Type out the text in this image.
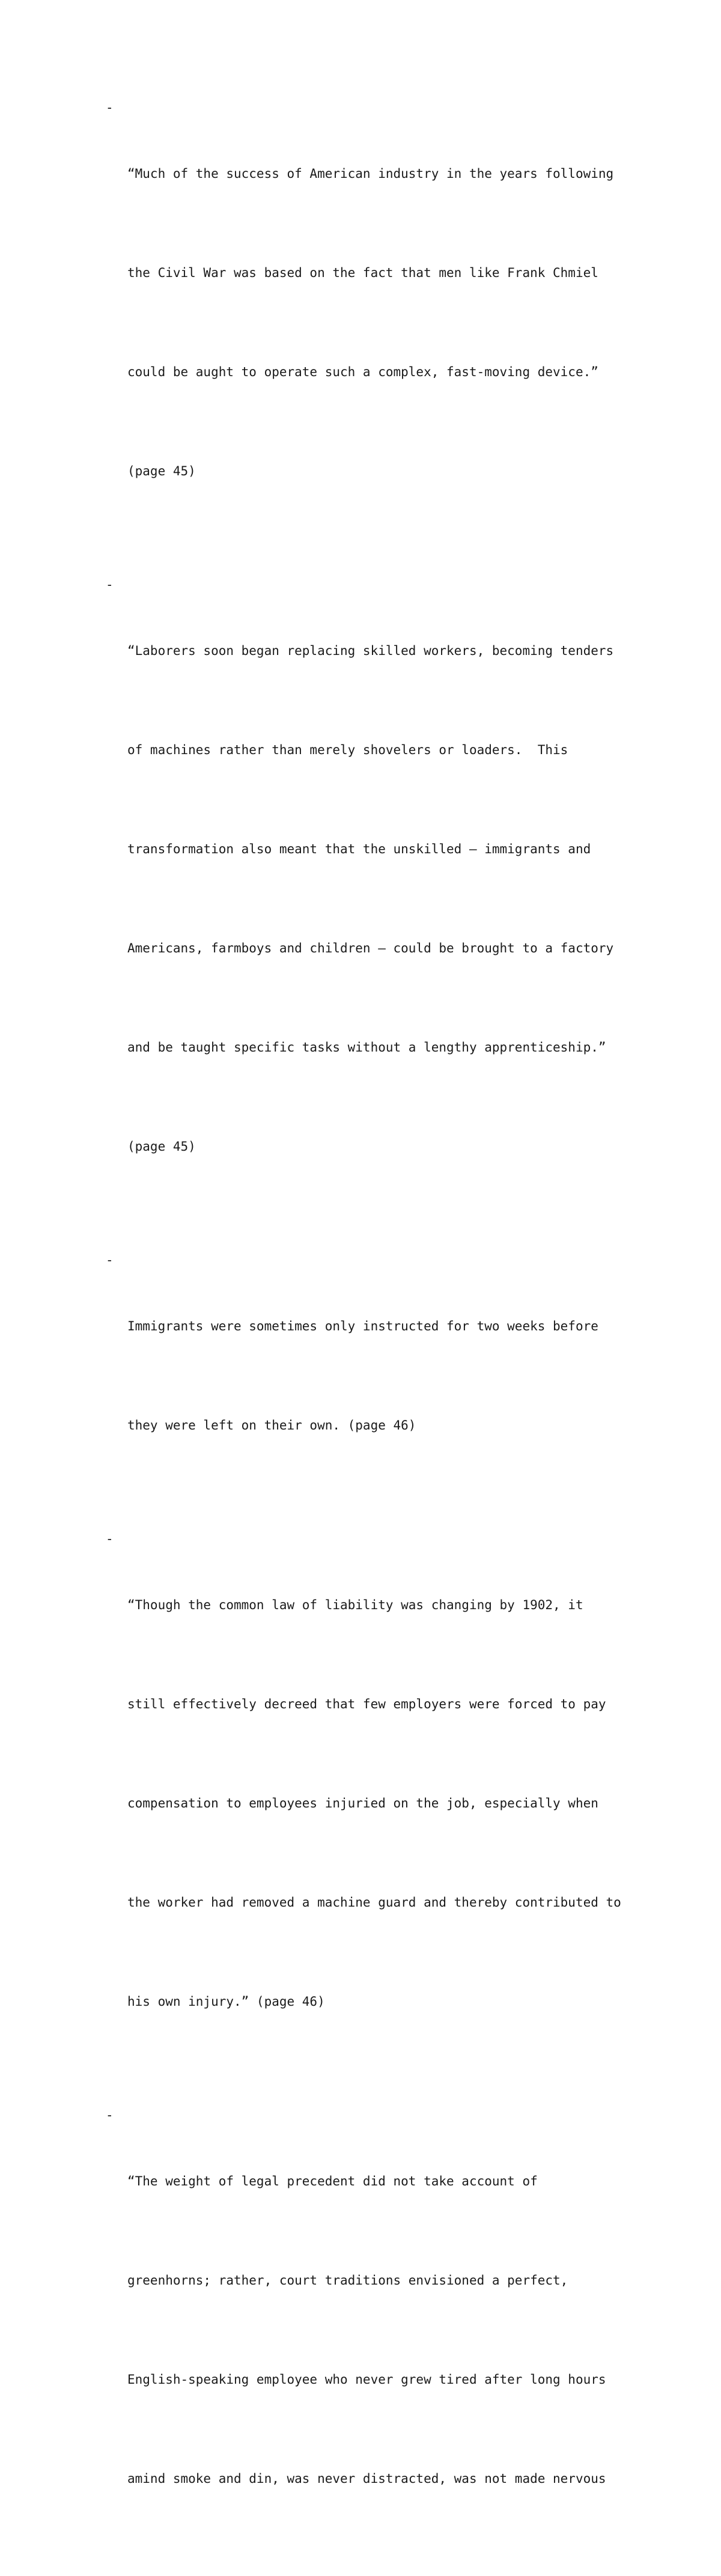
-

“Much of the success of American industry in the years following

the Civil War was based on the fact that men like Frank Chmiel

could be aught to operate such a complex, fast-moving device.”

(page 45)

-

“Laborers soon began replacing skilled workers, becoming tenders

of machines rather than merely shovelers or loaders.  This

transformation also meant that the unskilled – immigrants and

Americans, farmboys and children – could be brought to a factory

and be taught specific tasks without a lengthy apprenticeship.”

(page 45)

-

Immigrants were sometimes only instructed for two weeks before

they were left on their own. (page 46)

-

“Though the common law of liability was changing by 1902, it

still effectively decreed that few employers were forced to pay

compensation to employees injuried on the job, especially when

the worker had removed a machine guard and thereby contributed to

his own injury.” (page 46)

-

“The weight of legal precedent did not take account of

greenhorns; rather, court traditions envisioned a perfect,

English-speaking employee who never grew tired after long hours

amind smoke and din, was never distracted, was not made nervous
